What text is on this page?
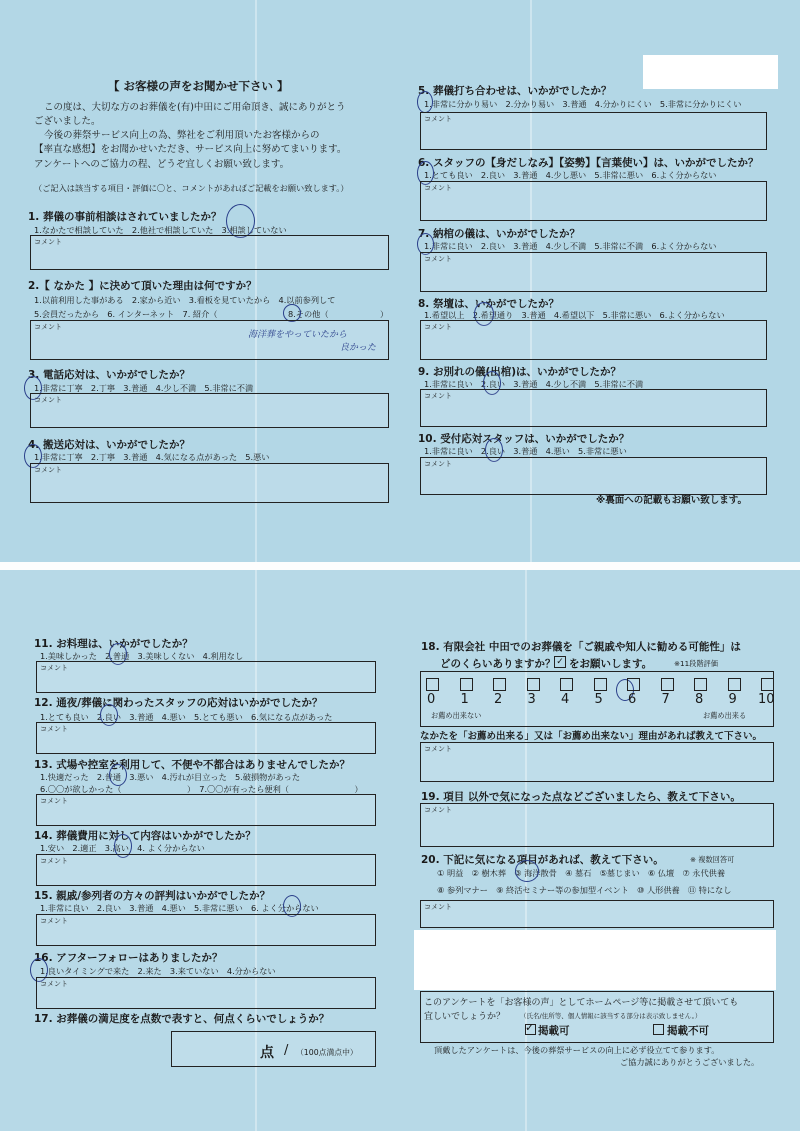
【 お客様の声をお聞かせ下さい 】
この度は、大切な方のお葬儀を(有)中田にご用命頂き、誠にありがとう
ございました。
今後の葬祭サービス向上の為、弊社をご利用頂いたお客様からの
【率直な感想】をお聞かせいただき、サービス向上に努めてまいります。
アンケートへのご協力の程、どうぞ宜しくお願い致します。
（ご記入は該当する項目・評価に〇と、コメントがあればご記載をお願い致します。）
1. 葬儀の事前相談はされていましたか？
1.なかたで相談していた　2.他社で相談していた　3.相談していない
コメント
2.【 なかた 】に決めて頂いた理由は何ですか？
1.以前利用した事がある　2.家から近い　3.看板を見ていたから　4.以前参列して
5.会員だったから　6. インターネット　7. 紹介（	8.その他（	）
コメント
海洋葬をやっていたから
良かった
3. 電話応対は、いかがでしたか？
1.非常に丁寧　2.丁寧　3.普通　4.少し不満　5.非常に不満
コメント
4. 搬送応対は、いかがでしたか？
1.非常に丁寧　2.丁寧　3.普通　4.気になる点があった　5.悪い
コメント
5. 葬儀打ち合わせは、いかがでしたか？
1.非常に分かり易い　2.分かり易い　3.普通　4.分かりにくい　5.非常に分かりにくい
コメント
6. スタッフの【身だしなみ】【姿勢】【言葉使い】は、いかがでしたか？
1.とても良い　2.良い　3.普通　4.少し悪い　5.非常に悪い　6.よく分からない
コメント
7. 納棺の儀は、いかがでしたか？
1.非常に良い　2.良い　3.普通　4.少し不満　5.非常に不満　6.よく分からない
コメント
8. 祭壇は、いかがでしたか？
1.希望以上　2.希望通り　3.普通　4.希望以下　5.非常に悪い　6.よく分からない
コメント
9. お別れの儀(出棺)は、いかがでしたか？
1.非常に良い　2.良い　3.普通　4.少し不満　5.非常に不満
コメント
10. 受付応対スタッフは、いかがでしたか？
1.非常に良い　2.良い　3.普通　4.悪い　5.非常に悪い
コメント
※裏面への記載もお願い致します。
11. お料理は、いかがでしたか？
1.美味しかった　2.普通　3.美味しくない　4.利用なし
コメント
12. 通夜/葬儀に関わったスタッフの応対はいかがでしたか？
1.とても良い　2.良い　3.普通　4.悪い　5.とても悪い　6.気になる点があった
コメント
13. 式場や控室を利用して、不便や不都合はありませんでしたか？
1.快適だった　2.普通　3.悪い　4.汚れが目立った　5.破損物があった
6.〇〇が欲しかった（　　　　　　　　）　7.〇〇が有ったら便利（　　　　　　　　）
コメント
14. 葬儀費用に対して内容はいかがでしたか？
1.安い　2.適正　3.高い　4. よく分からない
コメント
15. 親戚/参列者の方々の評判はいかがでしたか？
1.非常に良い　2.良い　3.普通　4.悪い　5.非常に悪い　6. よく分からない
コメント
16. アフターフォローはありましたか？
1.良いタイミングで来た　2.来た　3.来ていない　4.分からない
コメント
17. お葬儀の満足度を点数で表すと、何点くらいでしょうか？
点 / （100点満点中）
18. 有限会社 中田でのお葬儀を「ご親戚や知人に勧める可能性」は
どのくらいありますか？ ✓ をお願いします。	※11段階評価
お薦め出来ない	お薦め出来る
なかたを「お薦め出来る」又は「お薦め出来ない」理由があれば教えて下さい。
コメント
19. 項目 以外で気になった点などございましたら、教えて下さい。
コメント
20. 下記に気になる項目があれば、教えて下さい。	※ 複数回答可
① 明益　② 樹木葬　③ 海洋散骨　④ 墓石　⑤墓じまい　⑥ 仏壇　⑦ 永代供養
⑧ 参列マナー　⑨ 終活セミナー等の参加型イベント　⑩ 人形供養　⑪ 特になし
コメント
このアンケートを「お客様の声」としてホームページ等に掲載させて頂いても
宜しいでしょうか？ （氏名/住所等、個人情報に該当する部分は表示致しません。）
✓ 掲載可	掲載不可
頂戴したアンケートは、今後の葬祭サービスの向上に必ず役立てて参ります。
ご協力誠にありがとうございました。
0 1 2 3 4 5 6 7 8 9 10
